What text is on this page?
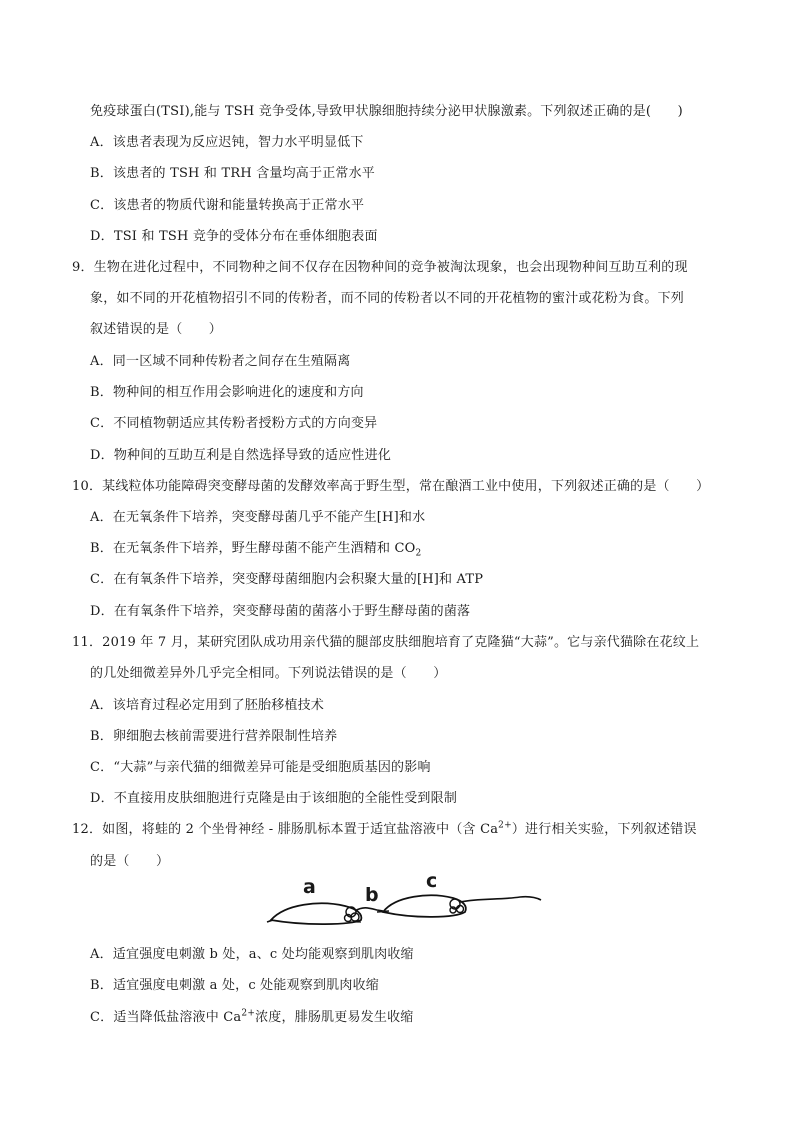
免疫球蛋白(TSI),能与 TSH 竞争受体,导致甲状腺细胞持续分泌甲状腺激素。下列叙述正确的是(　　)
A．该患者表现为反应迟钝，智力水平明显低下
B．该患者的 TSH 和 TRH 含量均高于正常水平
C．该患者的物质代谢和能量转换高于正常水平
D．TSI 和 TSH 竞争的受体分布在垂体细胞表面
9．生物在进化过程中，不同物种之间不仅存在因物种间的竞争被淘汰现象，也会出现物种间互助互利的现
象，如不同的开花植物招引不同的传粉者，而不同的传粉者以不同的开花植物的蜜汁或花粉为食。下列
叙述错误的是（　　）
A．同一区域不同种传粉者之间存在生殖隔离
B．物种间的相互作用会影响进化的速度和方向
C．不同植物朝适应其传粉者授粉方式的方向变异
D．物种间的互助互利是自然选择导致的适应性进化
10．某线粒体功能障碍突变酵母菌的发酵效率高于野生型，常在酿酒工业中使用，下列叙述正确的是（　　）
A．在无氧条件下培养，突变酵母菌几乎不能产生[H]和水
B．在无氧条件下培养，野生酵母菌不能产生酒精和 $CO_2$
C．在有氧条件下培养，突变酵母菌细胞内会积聚大量的[H]和 ATP
D．在有氧条件下培养，突变酵母菌的菌落小于野生酵母菌的菌落
11．2019 年 7 月，某研究团队成功用亲代猫的腿部皮肤细胞培育了克隆猫“大蒜”。它与亲代猫除在花纹上
的几处细微差异外几乎完全相同。下列说法错误的是（　　）
A．该培育过程必定用到了胚胎移植技术
B．卵细胞去核前需要进行营养限制性培养
C．“大蒜”与亲代猫的细微差异可能是受细胞质基因的影响
D．不直接用皮肤细胞进行克隆是由于该细胞的全能性受到限制
12．如图，将蛙的 2 个坐骨神经 - 腓肠肌标本置于适宜盐溶液中（含 $Ca^{2+}$）进行相关实验，下列叙述错误
的是（　　）
a	b
c
A．适宜强度电刺激 b 处，a、c 处均能观察到肌肉收缩
B．适宜强度电刺激 a 处，c 处能观察到肌肉收缩
C．适当降低盐溶液中 $Ca^{2+}$浓度，腓肠肌更易发生收缩
